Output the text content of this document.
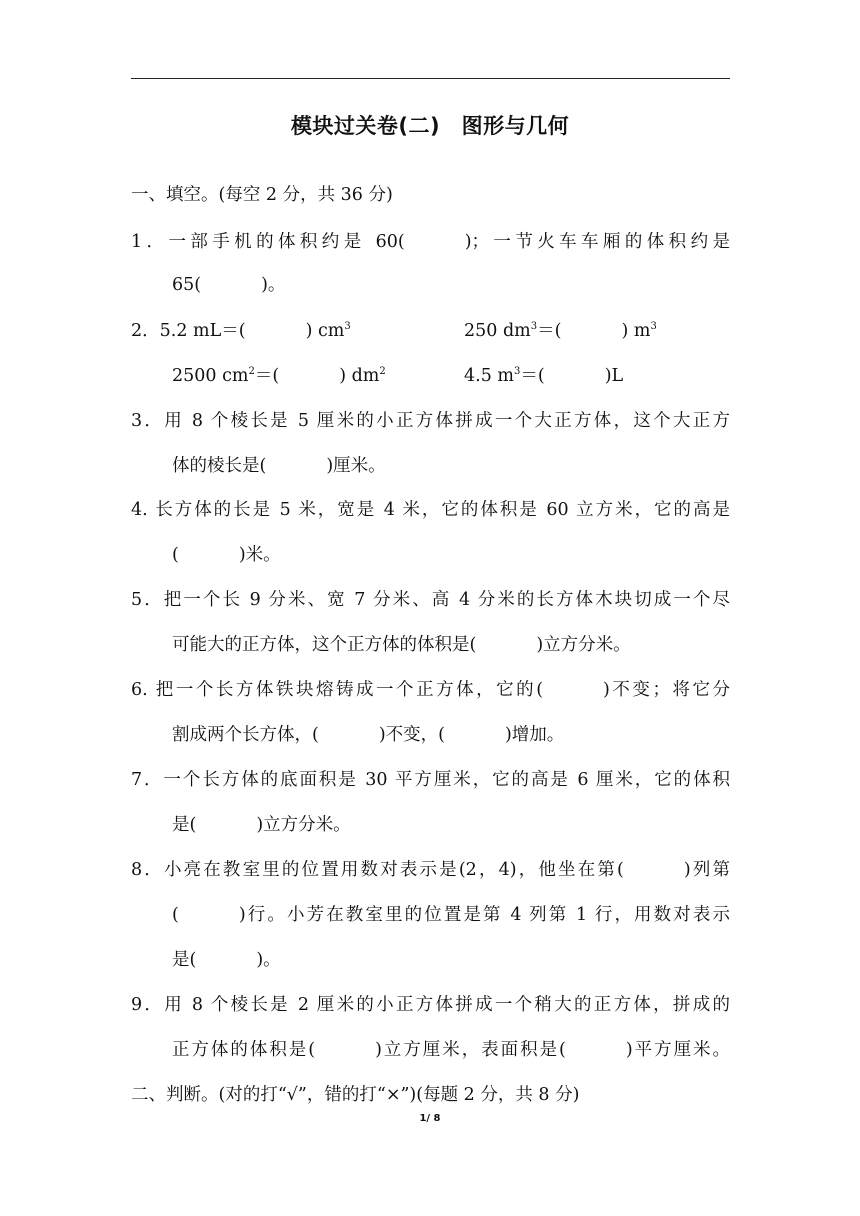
模块过关卷(二)　图形与几何
一、填空。(每空 2 分，共 36 分)
1．一部手机的体积约是 60(	)；一节火车车厢的体积约是
65(	)。
2．5.2 mL＝(	) $cm^3$	250 $dm^3=$(	) $m^3$
2500 $cm^2=$(	) $dm^2$	4.5 $m^3=$(	)L
3．用 8 个棱长是 5 厘米的小正方体拼成一个大正方体，这个大正方
体的棱长是(	)厘米。
4. 长方体的长是 5 米，宽是 4 米，它的体积是 60 立方米，它的高是
(	)米。
5．把一个长 9 分米、宽 7 分米、高 4 分米的长方体木块切成一个尽
可能大的正方体，这个正方体的体积是(	)立方分米。
6. 把一个长方体铁块熔铸成一个正方体，它的(	)不变；将它分
割成两个长方体，(	)不变，(	)增加。
7．一个长方体的底面积是 30 平方厘米，它的高是 6 厘米，它的体积
是(	)立方分米。
8．小亮在教室里的位置用数对表示是(2，4)，他坐在第(	)列第
(	)行。小芳在教室里的位置是第 4 列第 1 行，用数对表示
是(	)。
9．用 8 个棱长是 2 厘米的小正方体拼成一个稍大的正方体，拼成的
正方体的体积是(	)立方厘米，表面积是(	)平方厘米。
二、判断。(对的打“√”，错的打“×”)(每题 2 分，共 8 分)
1/ 8
